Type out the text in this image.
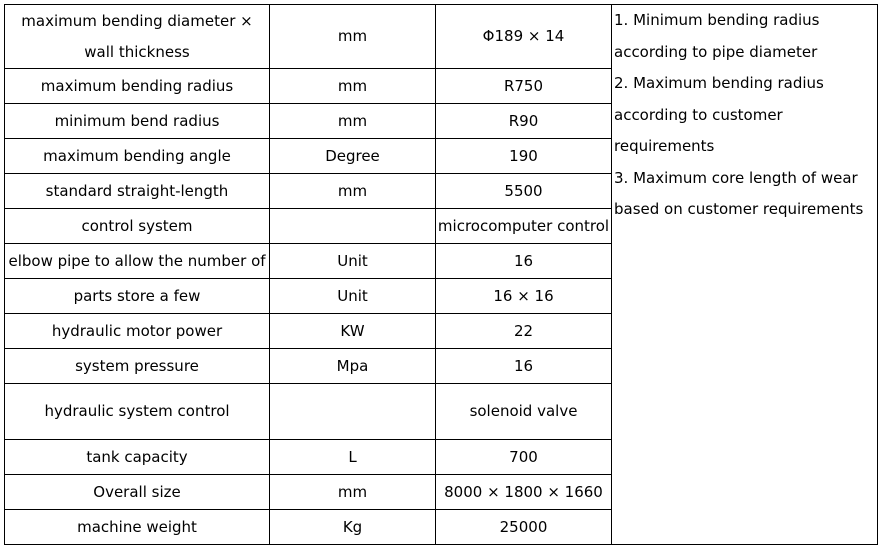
maximum bending diameter × wall thickness	mm	Φ189 × 14	1. Minimum bending radius according to pipe diameter
2. Maximum bending radius according to customer requirements
3. Maximum core length of wear based on customer requirements

maximum bending radius	mm	R750	
minimum bend radius	mm	R90	
maximum bending angle	Degree	190	
standard straight-length	mm	5500	
control system		microcomputer control	
elbow pipe to allow the number of	Unit	16	
parts store a few	Unit	16 × 16	
hydraulic motor power	KW	22	
system pressure	Mpa	16	
hydraulic system control		solenoid valve	
tank capacity	L	700	
Overall size	mm	8000 × 1800 × 1660	
machine weight	Kg	25000	
